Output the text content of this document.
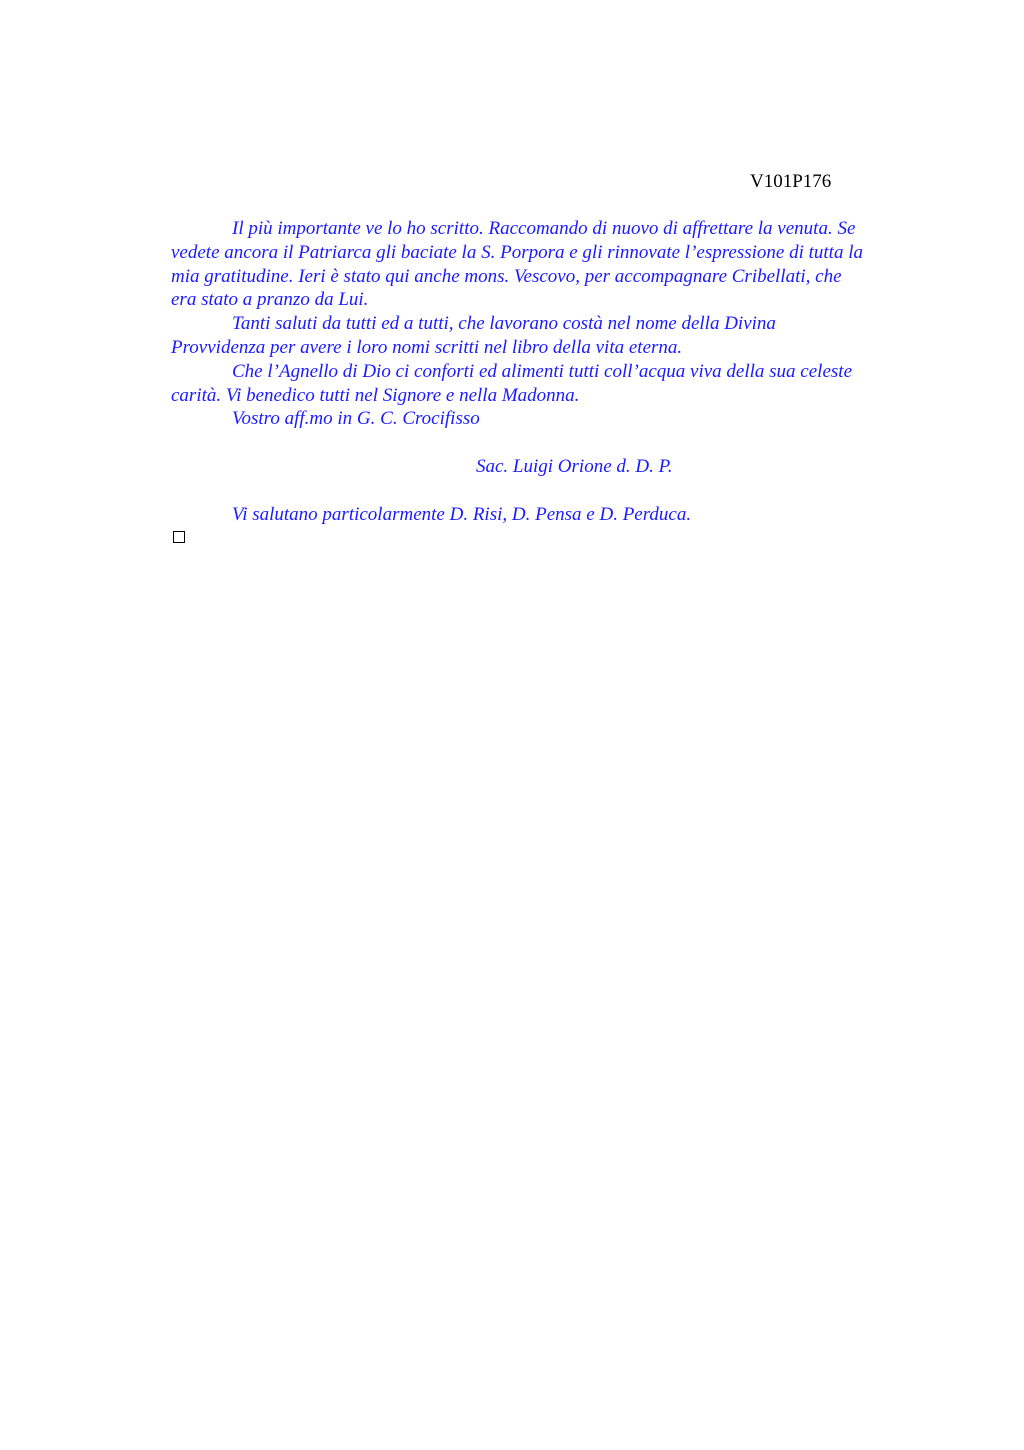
V101P176

Il più importante ve lo ho scritto. Raccomando di nuovo di affrettare la venuta. Se
vedete ancora il Patriarca gli baciate la S. Porpora e gli rinnovate l’espressione di tutta la
mia gratitudine. Ieri è stato qui anche mons. Vescovo, per accompagnare Cribellati, che
era stato a pranzo da Lui.

Tanti saluti da tutti ed a tutti, che lavorano costà nel nome della Divina
Provvidenza per avere i loro nomi scritti nel libro della vita eterna.

Che l’Agnello di Dio ci conforti ed alimenti tutti coll’acqua viva della sua celeste
carità. Vi benedico tutti nel Signore e nella Madonna.

Vostro aff.mo in G. C. Crocifisso

Sac. Luigi Orione d. D. P.

Vi salutano particolarmente D. Risi, D. Pensa e D. Perduca.
